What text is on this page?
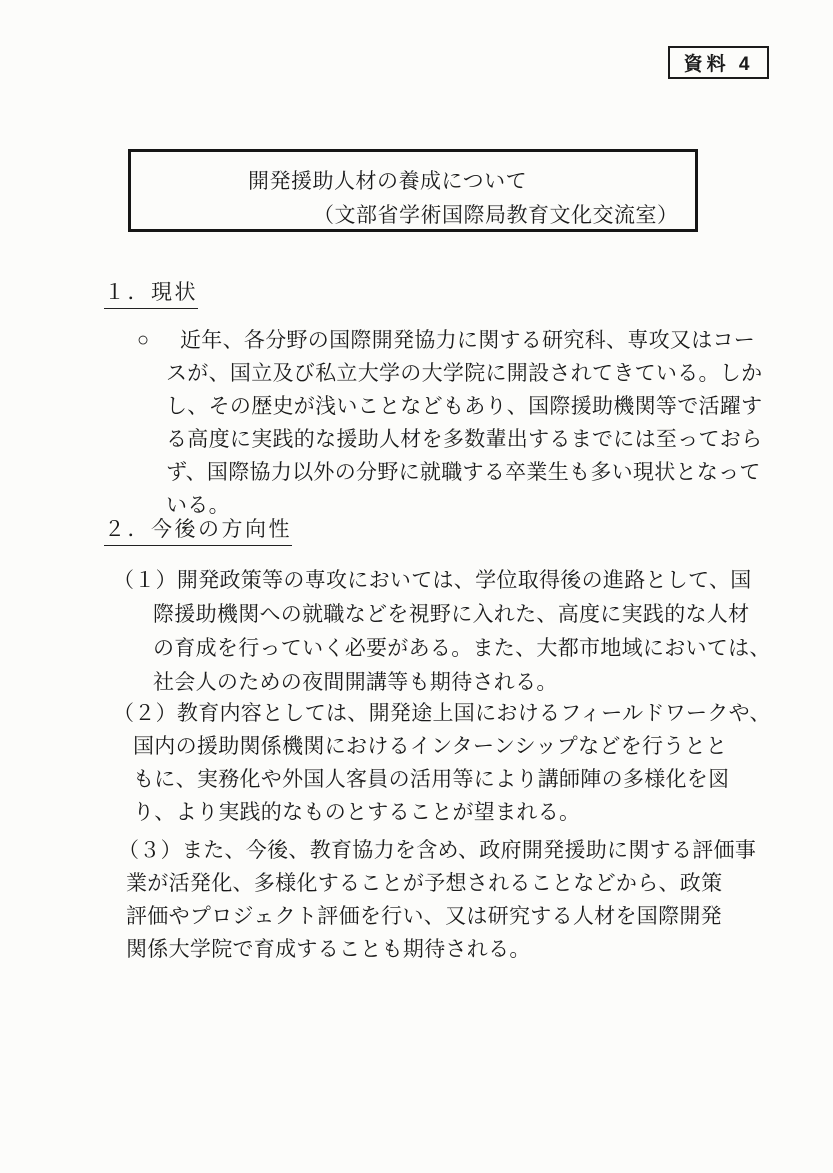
資料 4
開発援助人材の養成について
（文部省学術国際局教育文化交流室）
１．現状
○	近年、各分野の国際開発協力に関する研究科、専攻又はコー
スが、国立及び私立大学の大学院に開設されてきている。しか
し、その歴史が浅いことなどもあり、国際援助機関等で活躍す
る高度に実践的な援助人材を多数輩出するまでには至っておら
ず、国際協力以外の分野に就職する卒業生も多い現状となって
いる。
２．今後の方向性
（１）開発政策等の専攻においては、学位取得後の進路として、国
際援助機関への就職などを視野に入れた、高度に実践的な人材
の育成を行っていく必要がある。また、大都市地域においては、
社会人のための夜間開講等も期待される。
（２）教育内容としては、開発途上国におけるフィールドワークや、
国内の援助関係機関におけるインターンシップなどを行うとと
もに、実務化や外国人客員の活用等により講師陣の多様化を図
り、より実践的なものとすることが望まれる。
（３）また、今後、教育協力を含め、政府開発援助に関する評価事
業が活発化、多様化することが予想されることなどから、政策
評価やプロジェクト評価を行い、又は研究する人材を国際開発
関係大学院で育成することも期待される。
